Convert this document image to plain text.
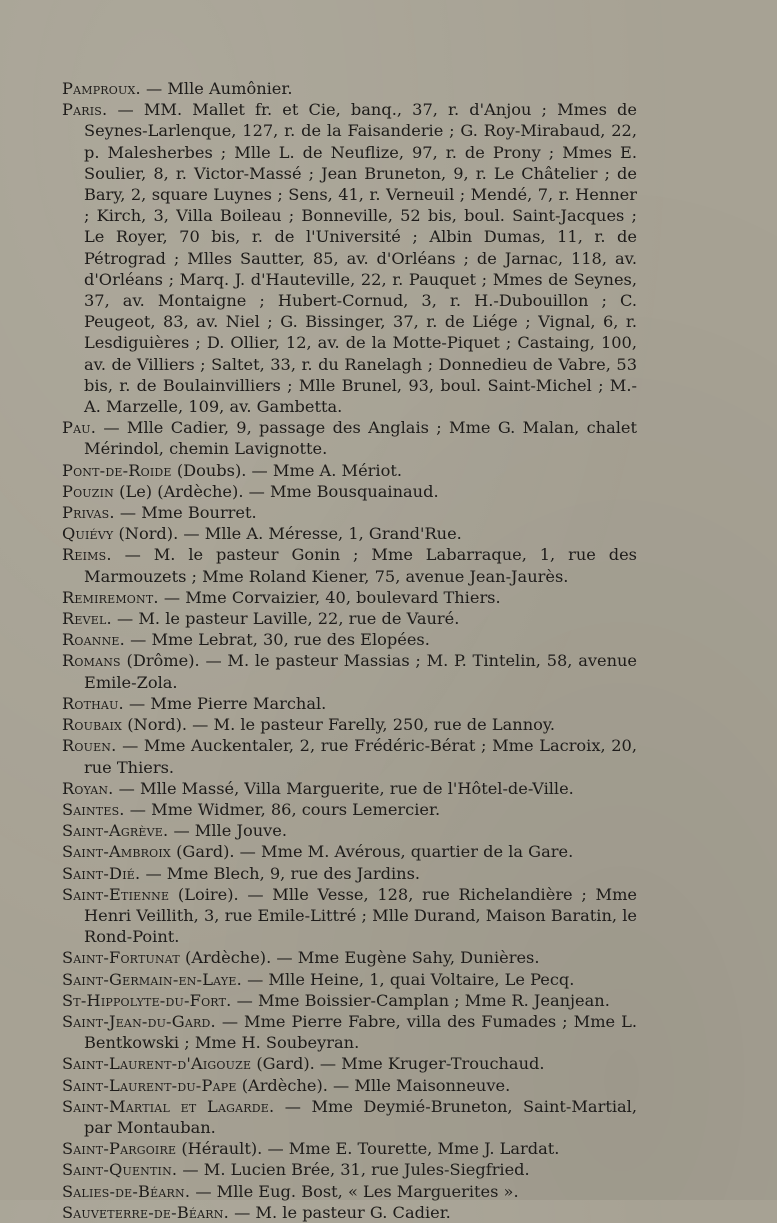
Pamproux. — Mlle Aumônier.

Paris. — MM. Mallet fr. et Cie, banq., 37, r. d'Anjou ; Mmes de Seynes-Larlenque, 127, r. de la Faisanderie ; G. Roy-Mirabaud, 22, p. Malesherbes ; Mlle L. de Neuflize, 97, r. de Prony ; Mmes E. Soulier, 8, r. Victor-Massé ; Jean Bruneton, 9, r. Le Châtelier ; de Bary, 2, square Luynes ; Sens, 41, r. Verneuil ; Mendé, 7, r. Henner ; Kirch, 3, Villa Boileau ; Bonneville, 52 bis, boul. Saint-Jacques ; Le Royer, 70 bis, r. de l'Université ; Albin Dumas, 11, r. de Pétrograd ; Mlles Sautter, 85, av. d'Orléans ; de Jarnac, 118, av. d'Orléans ; Marq. J. d'Hauteville, 22, r. Pauquet ; Mmes de Seynes, 37, av. Montaigne ; Hubert-Cornud, 3, r. H.-Dubouillon ; C. Peugeot, 83, av. Niel ; G. Bissinger, 37, r. de Liége ; Vignal, 6, r. Lesdiguières ; D. Ollier, 12, av. de la Motte-Piquet ; Castaing, 100, av. de Villiers ; Saltet, 33, r. du Ranelagh ; Donnedieu de Vabre, 53 bis, r. de Boulainvilliers ; Mlle Brunel, 93, boul. Saint-Michel ; M.-A. Marzelle, 109, av. Gambetta.

Pau. — Mlle Cadier, 9, passage des Anglais ; Mme G. Malan, chalet Mérindol, chemin Lavignotte.

Pont-de-Roide (Doubs). — Mme A. Mériot.

Pouzin (Le) (Ardèche). — Mme Bousquainaud.

Privas. — Mme Bourret.

Quiévy (Nord). — Mlle A. Méresse, 1, Grand'Rue.

Reims. — M. le pasteur Gonin ; Mme Labarraque, 1, rue des Marmouzets ; Mme Roland Kiener, 75, avenue Jean-Jaurès.

Remiremont. — Mme Corvaizier, 40, boulevard Thiers.

Revel. — M. le pasteur Laville, 22, rue de Vauré.

Roanne. — Mme Lebrat, 30, rue des Elopées.

Romans (Drôme). — M. le pasteur Massias ; M. P. Tintelin, 58, avenue Emile-Zola.

Rothau. — Mme Pierre Marchal.

Roubaix (Nord). — M. le pasteur Farelly, 250, rue de Lannoy.

Rouen. — Mme Auckentaler, 2, rue Frédéric-Bérat ; Mme Lacroix, 20, rue Thiers.

Royan. — Mlle Massé, Villa Marguerite, rue de l'Hôtel-de-Ville.

Saintes. — Mme Widmer, 86, cours Lemercier.

Saint-Agrève. — Mlle Jouve.

Saint-Ambroix (Gard). — Mme M. Avérous, quartier de la Gare.

Saint-Dié. — Mme Blech, 9, rue des Jardins.

Saint-Etienne (Loire). — Mlle Vesse, 128, rue Richelandière ; Mme Henri Veillith, 3, rue Emile-Littré ; Mlle Durand, Maison Baratin, le Rond-Point.

Saint-Fortunat (Ardèche). — Mme Eugène Sahy, Dunières.

Saint-Germain-en-Laye. — Mlle Heine, 1, quai Voltaire, Le Pecq.

St-Hippolyte-du-Fort. — Mme Boissier-Camplan ; Mme R. Jeanjean.

Saint-Jean-du-Gard. — Mme Pierre Fabre, villa des Fumades ; Mme L. Bentkowski ; Mme H. Soubeyran.

Saint-Laurent-d'Aigouze (Gard). — Mme Kruger-Trouchaud.

Saint-Laurent-du-Pape (Ardèche). — Mlle Maisonneuve.

Saint-Martial et Lagarde. — Mme Deymié-Bruneton, Saint-Martial, par Montauban.

Saint-Pargoire (Hérault). — Mme E. Tourette, Mme J. Lardat.

Saint-Quentin. — M. Lucien Brée, 31, rue Jules-Siegfried.

Salies-de-Béarn. — Mlle Eug. Bost, « Les Marguerites ».

Sauveterre-de-Béarn. — M. le pasteur G. Cadier.
